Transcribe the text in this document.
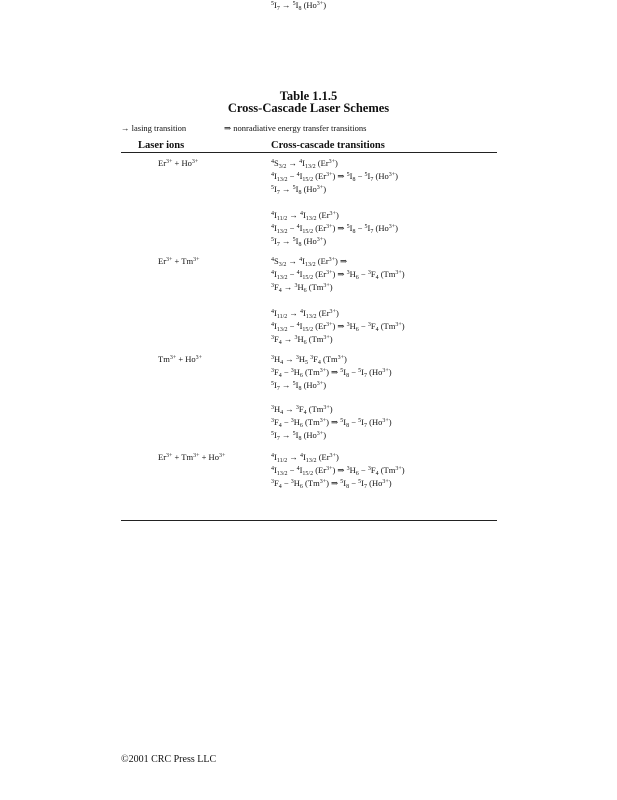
Table 1.1.5
Cross-Cascade Laser Schemes
→ lasing transition	⇒ nonradiative energy transfer transitions
Laser ions	Cross-cascade transitions
$Er^{3+} + Ho^{3+}$	$^4S_{3/2} \to ^4I_{13/2}$ $(Er^{3+})$
$^4I_{13/2} - ^4I_{15/2}$ $(Er^{3+})$ ⇒ $^5I_8 - ^5I_7$ $(Ho^{3+})$
$^5I_7 \to ^5I_8$ $(Ho^{3+})$
$^4I_{11/2} \to ^4I_{13/2}$ $(Er^{3+})$
$^4I_{13/2} - ^4I_{15/2}$ $(Er^{3+})$ ⇒ $^5I_8 - ^5I_7$ $(Ho^{3+})$
$^5I_7 \to ^5I_8$ $(Ho^{3+})$
$Er^{3+} + Tm^{3+}$	$^4S_{3/2} \to ^4I_{13/2}$ $(Er^{3+})$ ⇒
$^4I_{13/2} - ^4I_{15/2}$ $(Er^{3+})$ ⇒ $^3H_6 - ^3F_4$ $(Tm^{3+})$
$^3F_4 \to ^3H_6$ $(Tm^{3+})$
$^4I_{11/2} \to ^4I_{13/2}$ $(Er^{3+})$
$^4I_{13/2} - ^4I_{15/2}$ $(Er^{3+})$ ⇒ $^3H_6 - ^3F_4$ $(Tm^{3+})$
$^3F_4 \to ^3H_6$ $(Tm^{3+})$
$Tm^{3+} + Ho^{3+}$	$^3H_4 \to ^3H_5$ $^3F_4$ $(Tm^{3+})$
$^3F_4 - ^3H_6$ $(Tm^{3+})$ ⇒ $^5I_8 - ^5I_7$ $(Ho^{3+})$
$^5I_7 \to ^5I_8$ $(Ho^{3+})$
$^3H_4 \to ^3F_4$ $(Tm^{3+})$
$^3F_4 - ^3H_6$ $(Tm^{3+})$ ⇒ $^5I_8 - ^5I_7$ $(Ho^{3+})$
$^5I_7 \to ^5I_8$ $(Ho^{3+})$
$Er^{3+} + Tm^{3+} + Ho^{3+}$	$^4I_{11/2} \to ^4I_{13/2}$ $(Er^{3+})$
$^4I_{13/2} - ^4I_{15/2}$ $(Er^{3+})$ ⇒ $^3H_6 - ^3F_4$ $(Tm^{3+})$
$^3F_4 - ^3H_6$ $(Tm^{3+})$ ⇒ $^5I_8 - ^5I_7$ $(Ho^{3+})$
$^5I_7 \to ^5I_8$ $(Ho^{3+})$
©2001 CRC Press LLC
